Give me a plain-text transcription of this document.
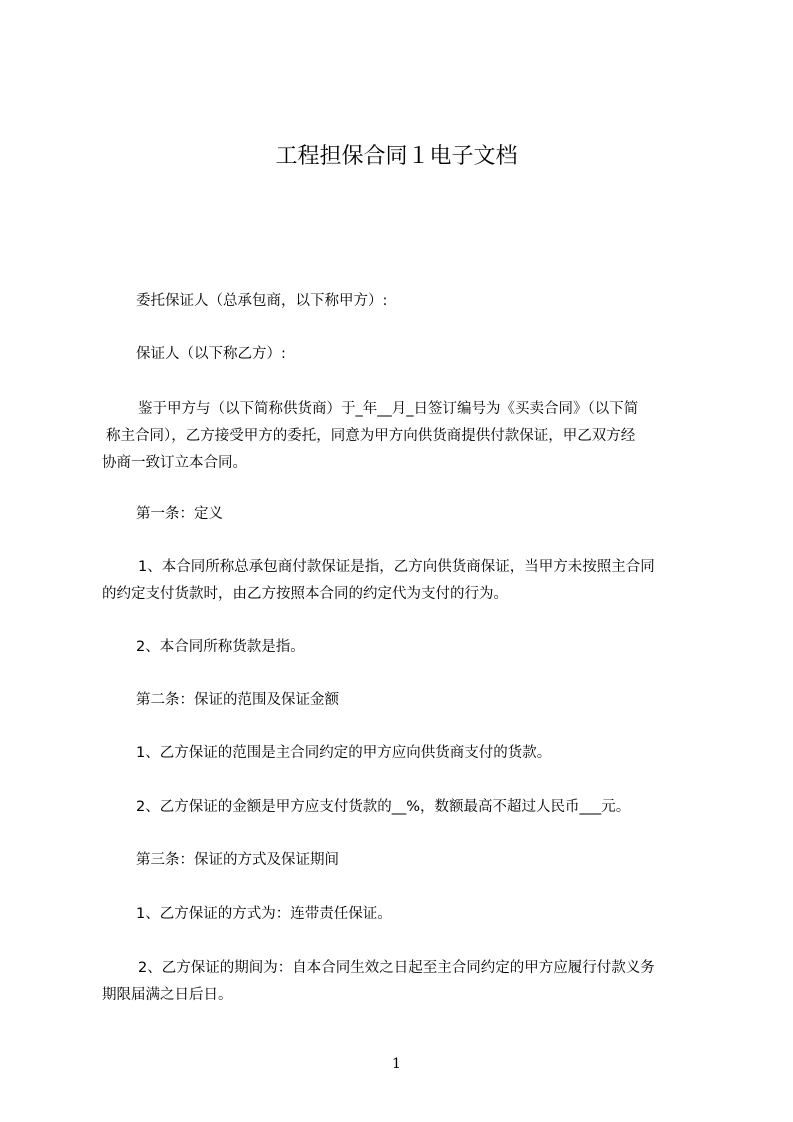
工程担保合同１电子文档

委托保证人（总承包商，以下称甲方）:

保证人（以下称乙方）:

鉴于甲方与（以下简称供货商）于_年__月_日签订编号为《买卖合同》（以下简
称主合同），乙方接受甲方的委托，同意为甲方向供货商提供付款保证，甲乙双方经
协商一致订立本合同。

第一条：定义

1、本合同所称总承包商付款保证是指，乙方向供货商保证，当甲方未按照主合同
的约定支付货款时，由乙方按照本合同的约定代为支付的行为。

2、本合同所称货款是指。

第二条：保证的范围及保证金额

1、乙方保证的范围是主合同约定的甲方应向供货商支付的货款。

2、乙方保证的金额是甲方应支付货款的__%，数额最高不超过人民币___元。

第三条：保证的方式及保证期间

1、乙方保证的方式为：连带责任保证。

2、乙方保证的期间为：自本合同生效之日起至主合同约定的甲方应履行付款义务
期限届满之日后日。
1
